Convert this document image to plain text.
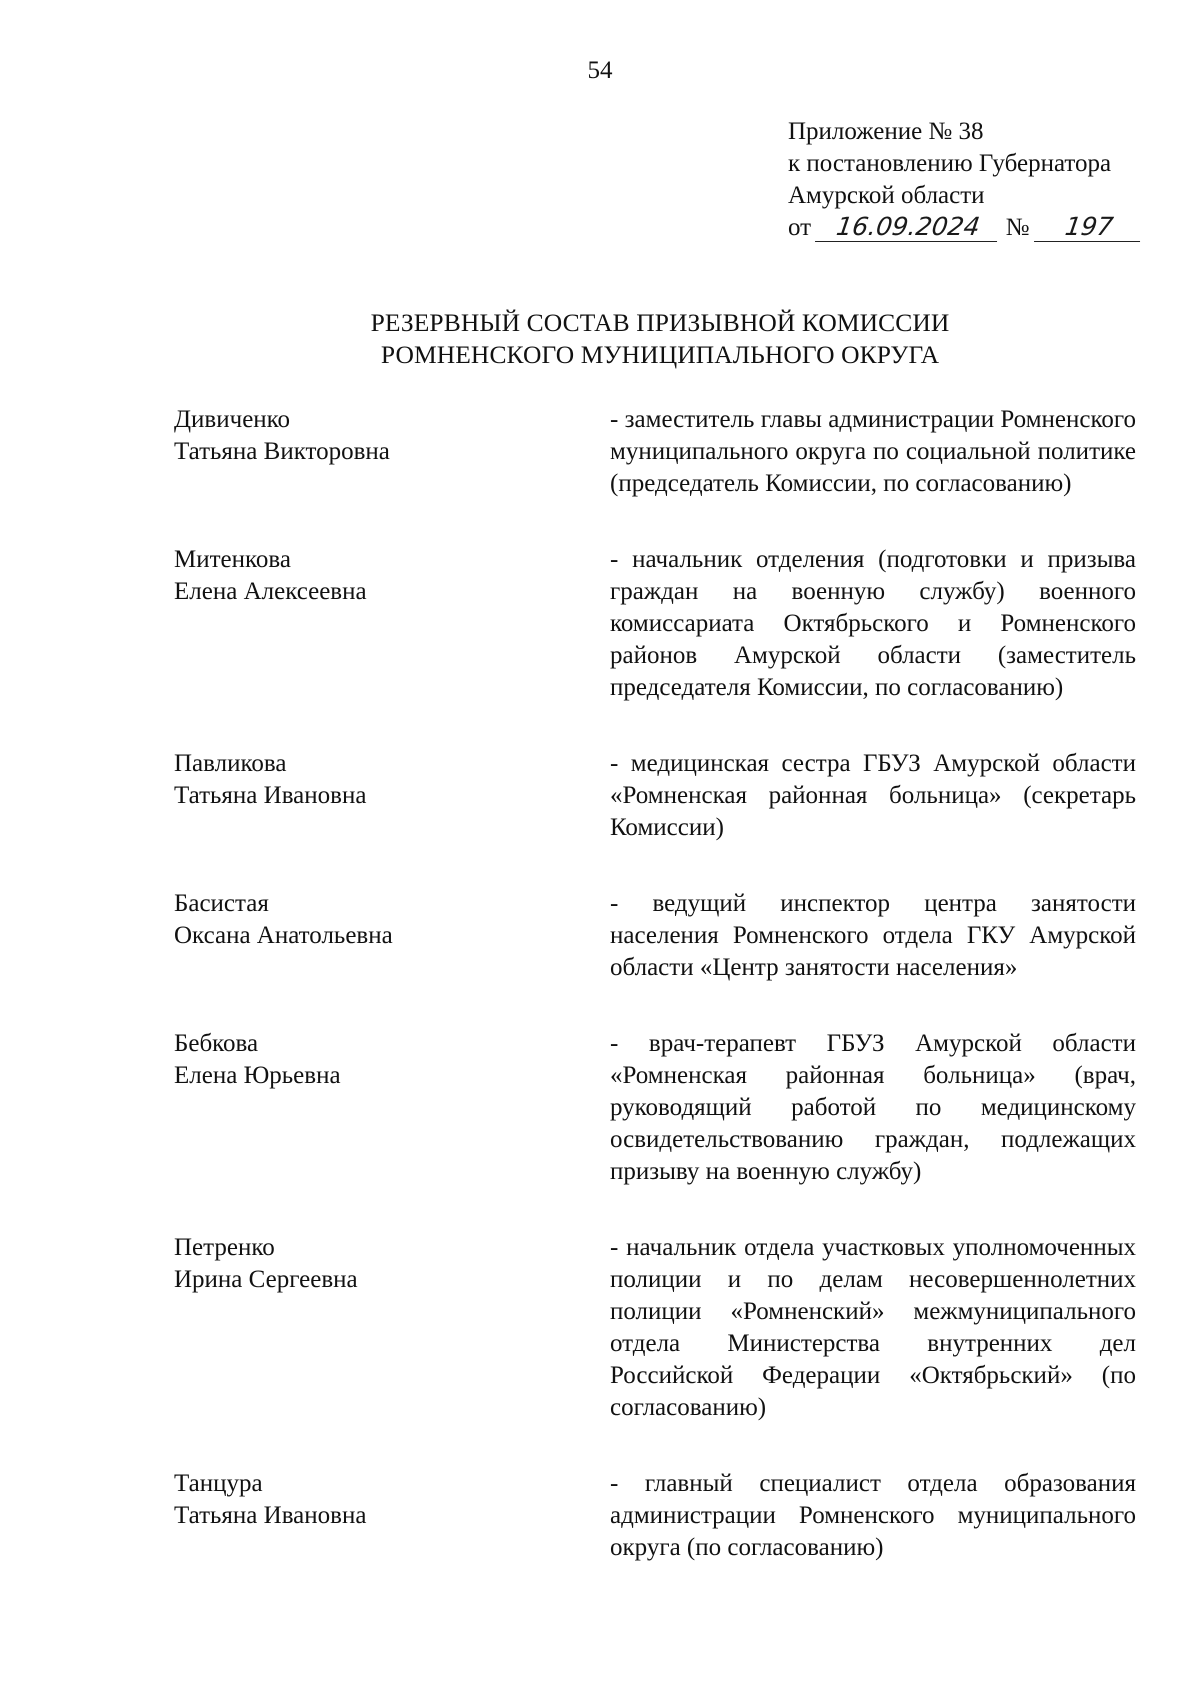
54
Приложение № 38
к постановлению Губернатора
Амурской области
от 16.09.2024 № 197
РЕЗЕРВНЫЙ СОСТАВ ПРИЗЫВНОЙ КОМИССИИ
РОМНЕНСКОГО МУНИЦИПАЛЬНОГО ОКРУГА
Дивиченко
Татьяна Викторовна
- заместитель главы администрации Ромненского муниципального округа по социальной политике (председатель Комиссии, по согласованию)
Митенкова
Елена Алексеевна
- начальник отделения (подготовки и призыва граждан на военную службу) военного комиссариата Октябрьского и Ромненского районов Амурской области (заместитель председателя Комиссии, по согласованию)
Павликова
Татьяна Ивановна
- медицинская сестра ГБУЗ Амурской области «Ромненская районная больница» (секретарь Комиссии)
Басистая
Оксана Анатольевна
- ведущий инспектор центра занятости населения Ромненского отдела ГКУ Амурской области «Центр занятости населения»
Бебкова
Елена Юрьевна
- врач-терапевт ГБУЗ Амурской области «Ромненская районная больница» (врач, руководящий работой по медицинскому освидетельствованию граждан, подлежащих призыву на военную службу)
Петренко
Ирина Сергеевна
- начальник отдела участковых уполномоченных полиции и по делам несовершеннолетних полиции «Ромненский» межмуниципального отдела Министерства внутренних дел Российской Федерации «Октябрьский» (по согласованию)
Танцура
Татьяна Ивановна
- главный специалист отдела образования администрации Ромненского муниципального округа (по согласованию)
